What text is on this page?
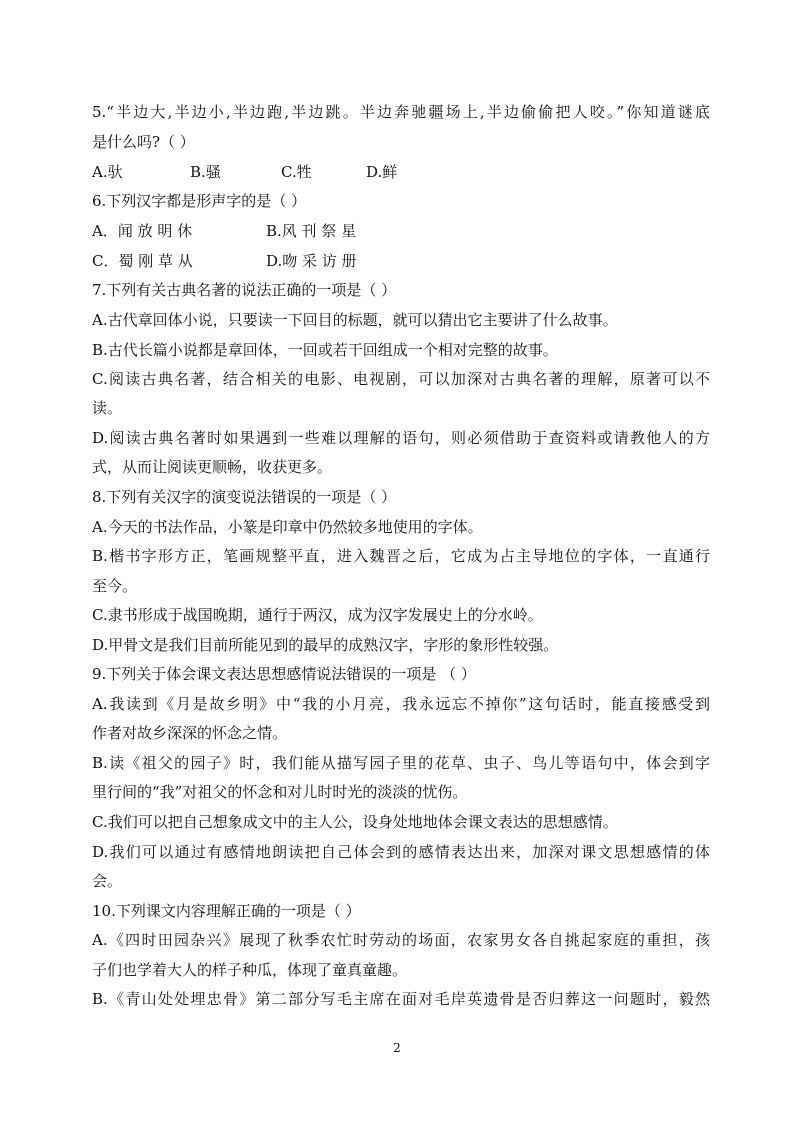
5.“半边大,半边小,半边跑,半边跳。半边奔驰疆场上,半边偷偷把人咬。”你知道谜底
是什么吗?（ ）
A.驮	B.骚	C.牲	D.鲜
6.下列汉字都是形声字的是（ ）
A．闻 放 明 休	B.风 刊 祭 星
C．蜀 刚 草 从	D.吻 采 访 册
7.下列有关古典名著的说法正确的一项是（ ）
A.古代章回体小说，只要读一下回目的标题，就可以猜出它主要讲了什么故事。
B.古代长篇小说都是章回体，一回或若干回组成一个相对完整的故事。
C.阅读古典名著，结合相关的电影、电视剧，可以加深对古典名著的理解，原著可以不
读。
D.阅读古典名著时如果遇到一些难以理解的语句，则必须借助于查资料或请教他人的方
式，从而让阅读更顺畅，收获更多。
8.下列有关汉字的演变说法错误的一项是（ ）
A.今天的书法作品，小篆是印章中仍然较多地使用的字体。
B.楷书字形方正，笔画规整平直，进入魏晋之后，它成为占主导地位的字体，一直通行
至今。
C.隶书形成于战国晚期，通行于两汉，成为汉字发展史上的分水岭。
D.甲骨文是我们目前所能见到的最早的成熟汉字，字形的象形性较强。
9.下列关于体会课文表达思想感情说法错误的一项是 （ ）
A.我读到《月是故乡明》中“我的小月亮，我永远忘不掉你”这句话时，能直接感受到
作者对故乡深深的怀念之情。
B.读《祖父的园子》时，我们能从描写园子里的花草、虫子、鸟儿等语句中，体会到字
里行间的“我”对祖父的怀念和对儿时时光的淡淡的忧伤。
C.我们可以把自己想象成文中的主人公，设身处地地体会课文表达的思想感情。
D.我们可以通过有感情地朗读把自己体会到的感情表达出来，加深对课文思想感情的体
会。
10.下列课文内容理解正确的一项是（ ）
A.《四时田园杂兴》展现了秋季农忙时劳动的场面，农家男女各自挑起家庭的重担，孩
子们也学着大人的样子种瓜，体现了童真童趣。
B.《青山处处埋忠骨》第二部分写毛主席在面对毛岸英遗骨是否归葬这一问题时，毅然
2
